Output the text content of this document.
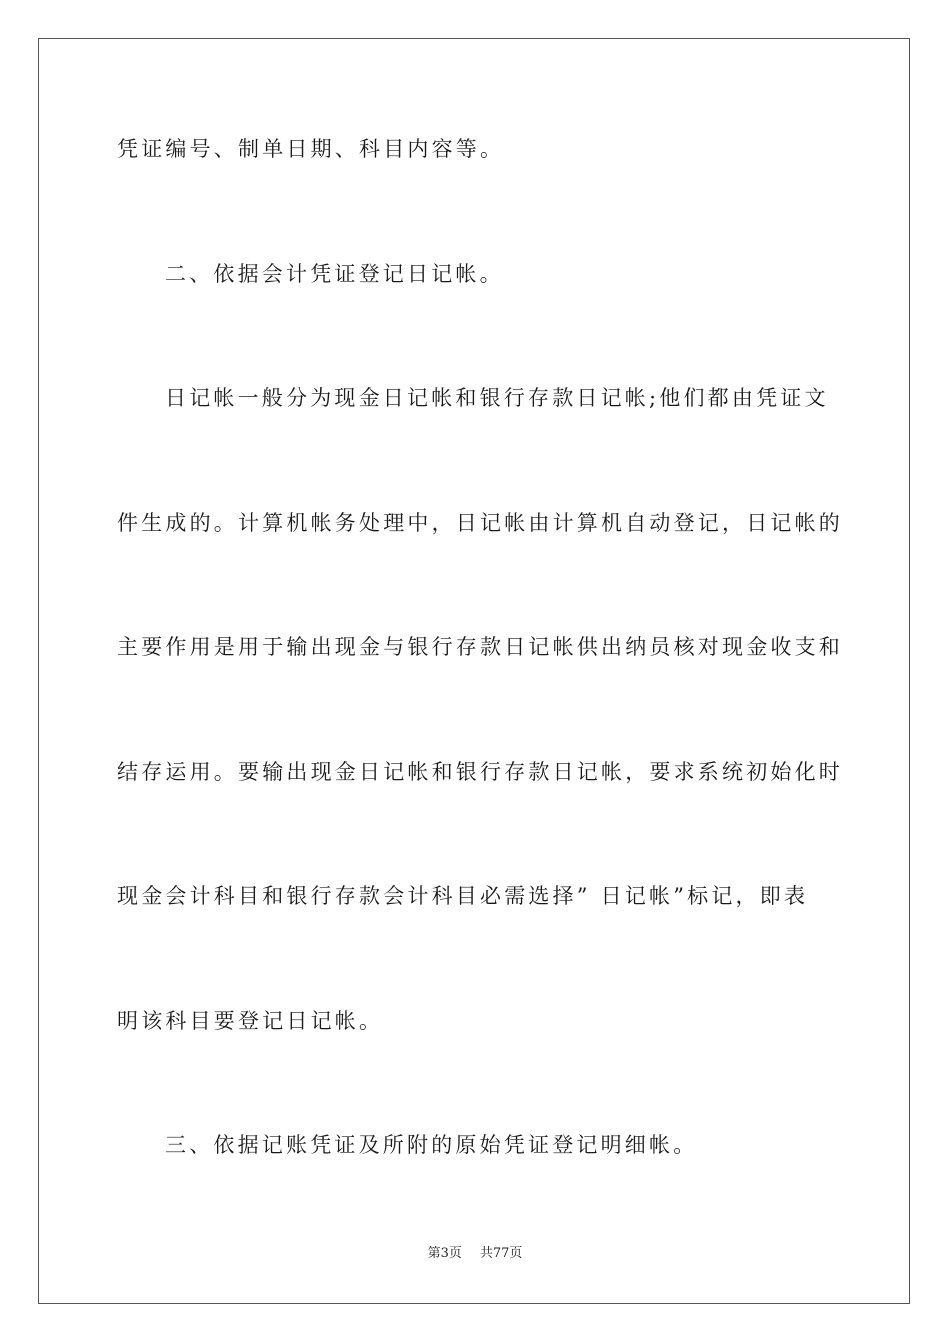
凭证编号、制单日期、科目内容等。
二、依据会计凭证登记日记帐。
日记帐一般分为现金日记帐和银行存款日记帐;他们都由凭证文
件生成的。计算机帐务处理中，日记帐由计算机自动登记，日记帐的
主要作用是用于输出现金与银行存款日记帐供出纳员核对现金收支和
结存运用。要输出现金日记帐和银行存款日记帐，要求系统初始化时
现金会计科目和银行存款会计科目必需选择” 日记帐”标记，即表
明该科目要登记日记帐。
三、依据记账凭证及所附的原始凭证登记明细帐。
第3页 共77页
